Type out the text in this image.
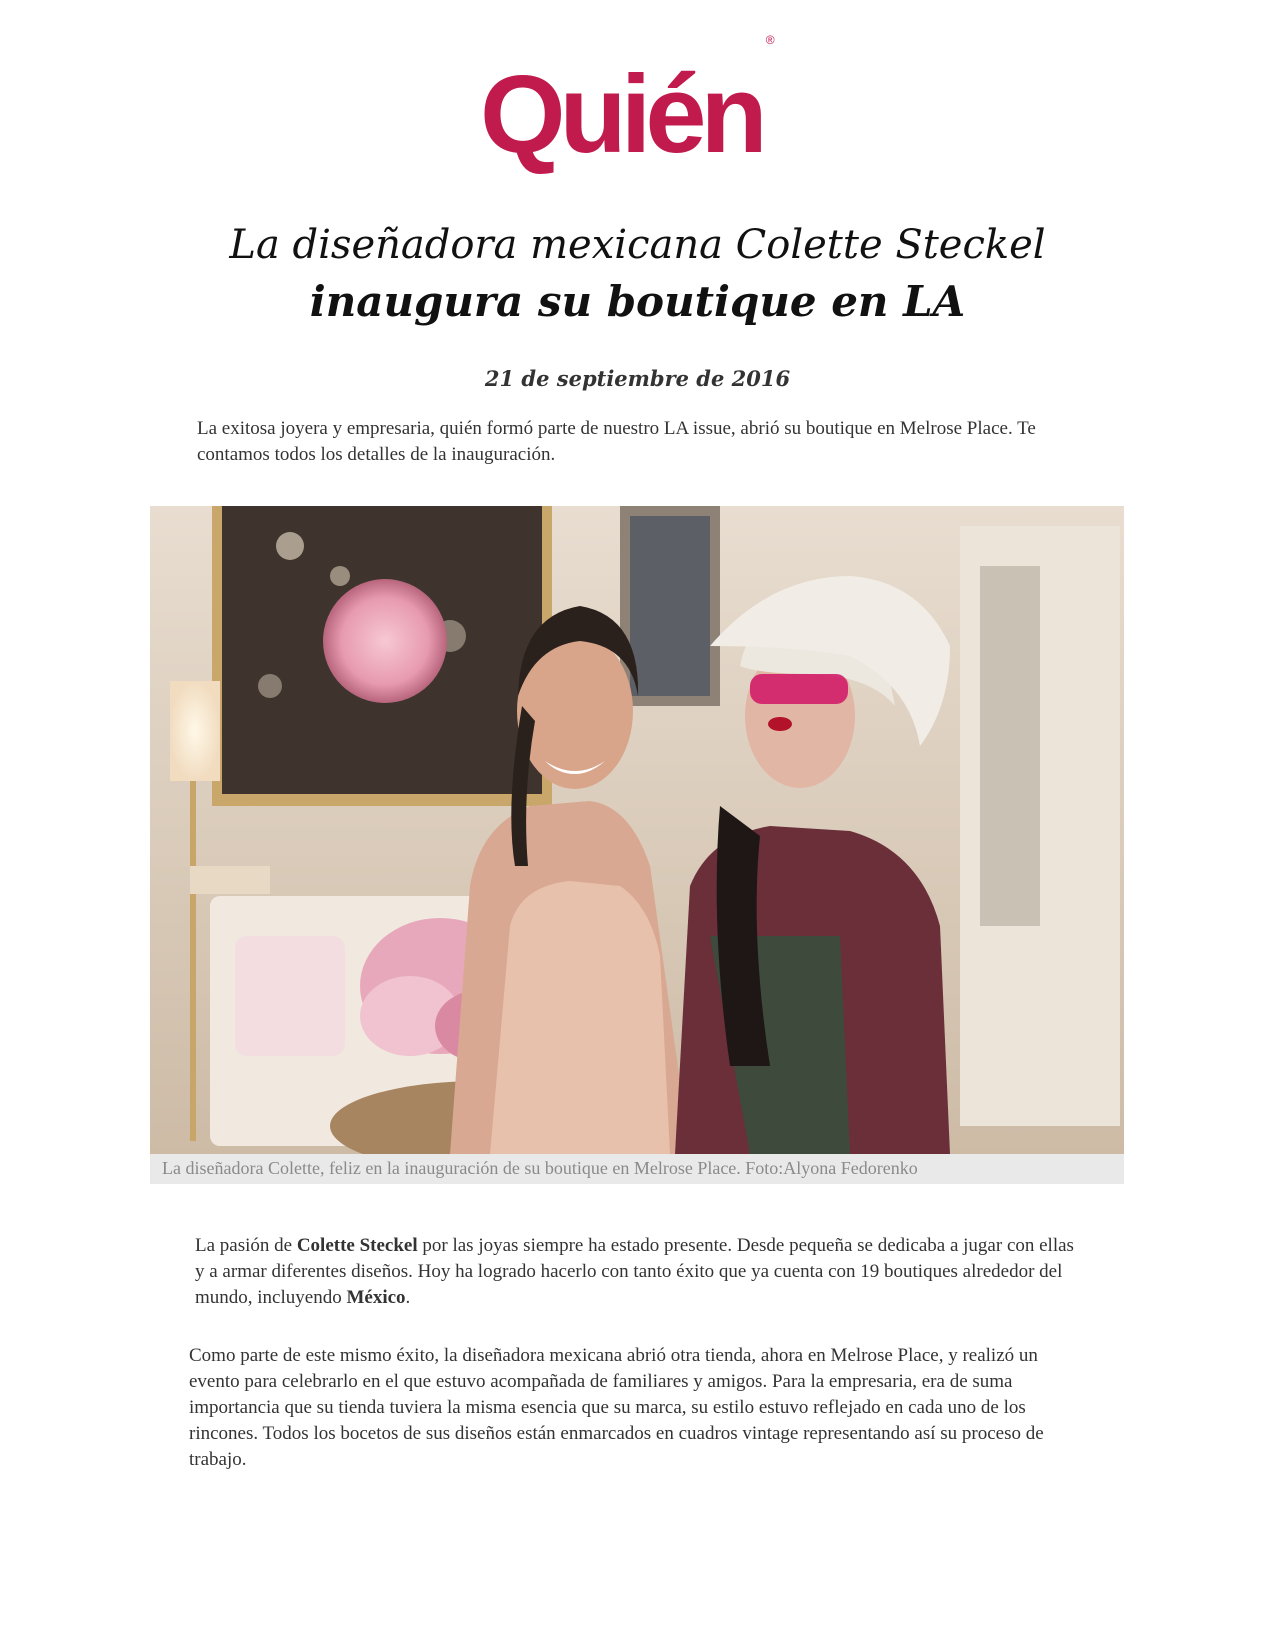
Quién®
La diseñadora mexicana Colette Steckel
inaugura su boutique en LA
21 de septiembre de 2016
La exitosa joyera y empresaria, quién formó parte de nuestro LA issue, abrió su boutique en Melrose Place. Te contamos todos los detalles de la inauguración.
La diseñadora Colette, feliz en la inauguración de su boutique en Melrose Place. Foto:Alyona Fedorenko
La pasión de Colette Steckel por las joyas siempre ha estado presente. Desde pequeña se dedicaba a jugar con ellas y a armar diferentes diseños. Hoy ha logrado hacerlo con tanto éxito que ya cuenta con 19 boutiques alrededor del mundo, incluyendo México.
Como parte de este mismo éxito, la diseñadora mexicana abrió otra tienda, ahora en Melrose Place, y realizó un evento para celebrarlo en el que estuvo acompañada de familiares y amigos. Para la empresaria, era de suma importancia que su tienda tuviera la misma esencia que su marca, su estilo estuvo reflejado en cada uno de los rincones. Todos los bocetos de sus diseños están enmarcados en cuadros vintage representando así su proceso de trabajo.
